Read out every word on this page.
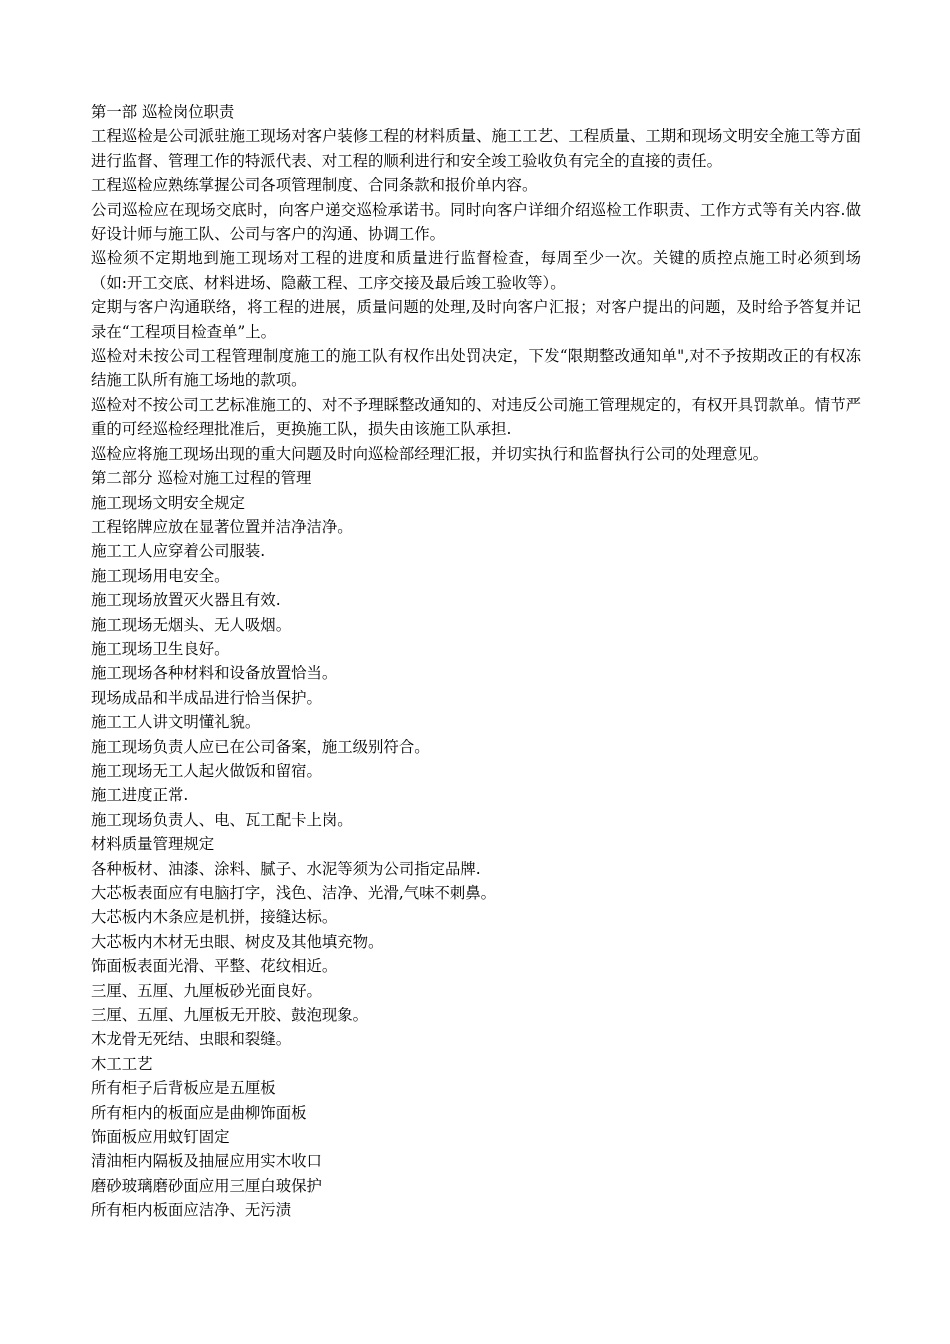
第一部 巡检岗位职责

工程巡检是公司派驻施工现场对客户装修工程的材料质量、施工工艺、工程质量、工期和现场文明安全施工等方面进行监督、管理工作的特派代表、对工程的顺利进行和安全竣工验收负有完全的直接的责任。

工程巡检应熟练掌握公司各项管理制度、合同条款和报价单内容。

公司巡检应在现场交底时，向客户递交巡检承诺书。同时向客户详细介绍巡检工作职责、工作方式等有关内容.做好设计师与施工队、公司与客户的沟通、协调工作。

巡检须不定期地到施工现场对工程的进度和质量进行监督检查，每周至少一次。关键的质控点施工时必须到场（如:开工交底、材料进场、隐蔽工程、工序交接及最后竣工验收等）。

定期与客户沟通联络，将工程的进展，质量问题的处理,及时向客户汇报；对客户提出的问题，及时给予答复并记录在“工程项目检查单”上。

巡检对未按公司工程管理制度施工的施工队有权作出处罚决定，下发“限期整改通知单",对不予按期改正的有权冻结施工队所有施工场地的款项。

巡检对不按公司工艺标准施工的、对不予理睬整改通知的、对违反公司施工管理规定的，有权开具罚款单。情节严重的可经巡检经理批准后，更换施工队，损失由该施工队承担.

巡检应将施工现场出现的重大问题及时向巡检部经理汇报，并切实执行和监督执行公司的处理意见。

第二部分 巡检对施工过程的管理

施工现场文明安全规定

工程铭牌应放在显著位置并洁净洁净。

施工工人应穿着公司服装.

施工现场用电安全。

施工现场放置灭火器且有效.

施工现场无烟头、无人吸烟。

施工现场卫生良好。

施工现场各种材料和设备放置恰当。

现场成品和半成品进行恰当保护。

施工工人讲文明懂礼貌。

施工现场负责人应已在公司备案，施工级别符合。

施工现场无工人起火做饭和留宿。

施工进度正常.

施工现场负责人、电、瓦工配卡上岗。

材料质量管理规定

各种板材、油漆、涂料、腻子、水泥等须为公司指定品牌.

大芯板表面应有电脑打字，浅色、洁净、光滑,气味不刺鼻。

大芯板内木条应是机拼，接缝达标。

大芯板内木材无虫眼、树皮及其他填充物。

饰面板表面光滑、平整、花纹相近。

三厘、五厘、九厘板砂光面良好。

三厘、五厘、九厘板无开胶、鼓泡现象。

木龙骨无死结、虫眼和裂缝。

木工工艺

所有柜子后背板应是五厘板

所有柜内的板面应是曲柳饰面板

饰面板应用蚊钉固定

清油柜内隔板及抽屉应用实木收口

磨砂玻璃磨砂面应用三厘白玻保护

所有柜内板面应洁净、无污渍
